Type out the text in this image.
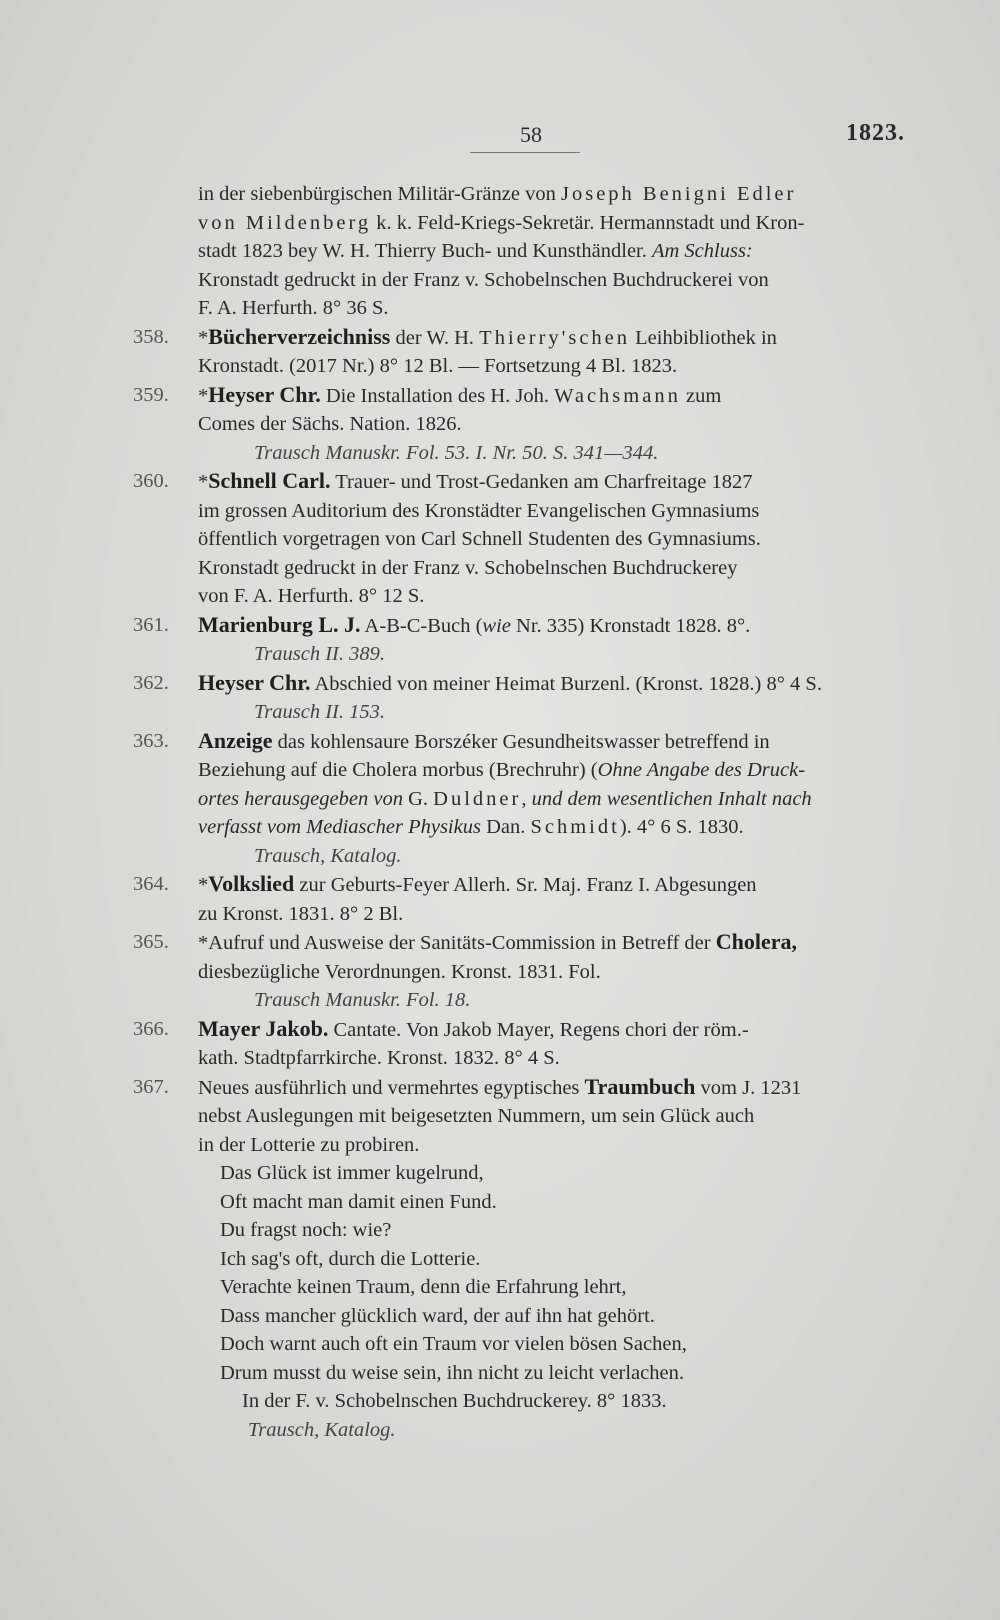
58	1823.
in der siebenbürgischen Militär-Gränze von Joseph Benigni Edler
von Mildenberg k. k. Feld-Kriegs-Sekretär. Hermannstadt und Kron-
stadt 1823 bey W. H. Thierry Buch- und Kunsthändler. Am Schluss:
Kronstadt gedruckt in der Franz v. Schobelnschen Buchdruckerei von
F. A. Herfurth. 8° 36 S.
358. *Bücherverzeichniss der W. H. Thierry'schen Leihbibliothek in
Kronstadt. (2017 Nr.) 8° 12 Bl. — Fortsetzung 4 Bl. 1823.
359. *Heyser Chr. Die Installation des H. Joh. Wachsmann zum
Comes der Sächs. Nation. 1826.
Trausch Manuskr. Fol. 53. I. Nr. 50. S. 341—344.
360. *Schnell Carl. Trauer- und Trost-Gedanken am Charfreitage 1827
im grossen Auditorium des Kronstädter Evangelischen Gymnasiums
öffentlich vorgetragen von Carl Schnell Studenten des Gymnasiums.
Kronstadt gedruckt in der Franz v. Schobelnschen Buchdruckerey
von F. A. Herfurth. 8° 12 S.
361. Marienburg L. J. A-B-C-Buch (wie Nr. 335) Kronstadt 1828. 8°.
Trausch II. 389.
362. Heyser Chr. Abschied von meiner Heimat Burzenl. (Kronst. 1828.) 8° 4 S.
Trausch II. 153.
363. Anzeige das kohlensaure Borszéker Gesundheitswasser betreffend in
Beziehung auf die Cholera morbus (Brechruhr) (Ohne Angabe des Druck-
ortes herausgegeben von G. Duldner, und dem wesentlichen Inhalt nach
verfasst vom Mediascher Physikus Dan. Schmidt). 4° 6 S. 1830.
Trausch, Katalog.
364. *Volkslied zur Geburts-Feyer Allerh. Sr. Maj. Franz I. Abgesungen
zu Kronst. 1831. 8° 2 Bl.
365. *Aufruf und Ausweise der Sanitäts-Commission in Betreff der Cholera,
diesbezügliche Verordnungen. Kronst. 1831. Fol.
Trausch Manuskr. Fol. 18.
366. Mayer Jakob. Cantate. Von Jakob Mayer, Regens chori der röm.-
kath. Stadtpfarrkirche. Kronst. 1832. 8° 4 S.
367. Neues ausführlich und vermehrtes egyptisches Traumbuch vom J. 1231
nebst Auslegungen mit beigesetzten Nummern, um sein Glück auch
in der Lotterie zu probiren.
Das Glück ist immer kugelrund,
Oft macht man damit einen Fund.
Du fragst noch: wie?
Ich sag's oft, durch die Lotterie.
Verachte keinen Traum, denn die Erfahrung lehrt,
Dass mancher glücklich ward, der auf ihn hat gehört.
Doch warnt auch oft ein Traum vor vielen bösen Sachen,
Drum musst du weise sein, ihn nicht zu leicht verlachen.
In der F. v. Schobelnschen Buchdruckerey. 8° 1833.
Trausch, Katalog.
